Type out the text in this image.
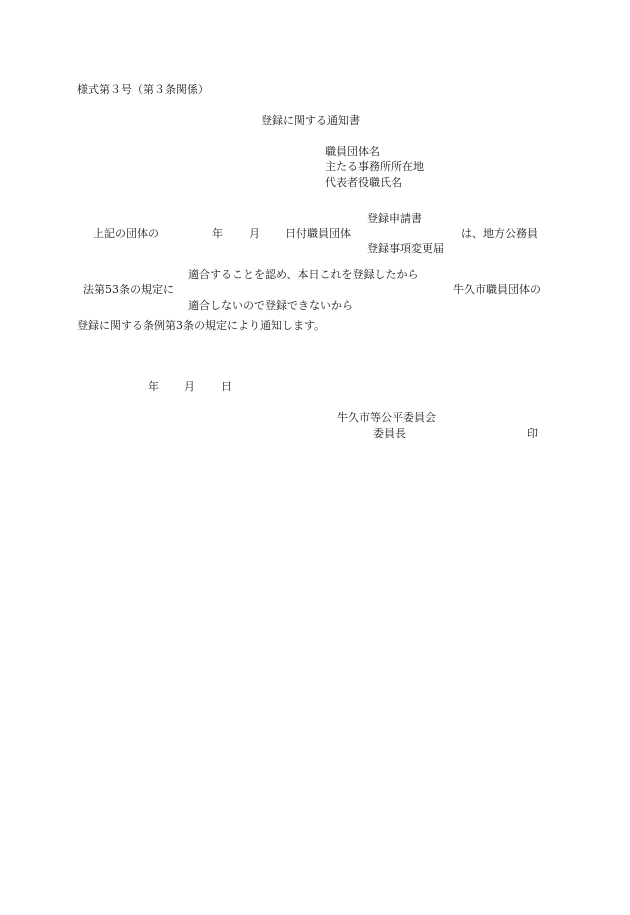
様式第３号（第３条関係）
登録に関する通知書
職員団体名
主たる事務所所在地
代表者役職氏名
登録申請書
上記の団体の	年 月 日付職員団体	は、地方公務員
登録事項変更届
適合することを認め、本日これを登録したから
法第53条の規定に	牛久市職員団体の
適合しないので登録できないから
登録に関する条例第3条の規定により通知します。
年 月 日
牛久市等公平委員会
委員長	印
